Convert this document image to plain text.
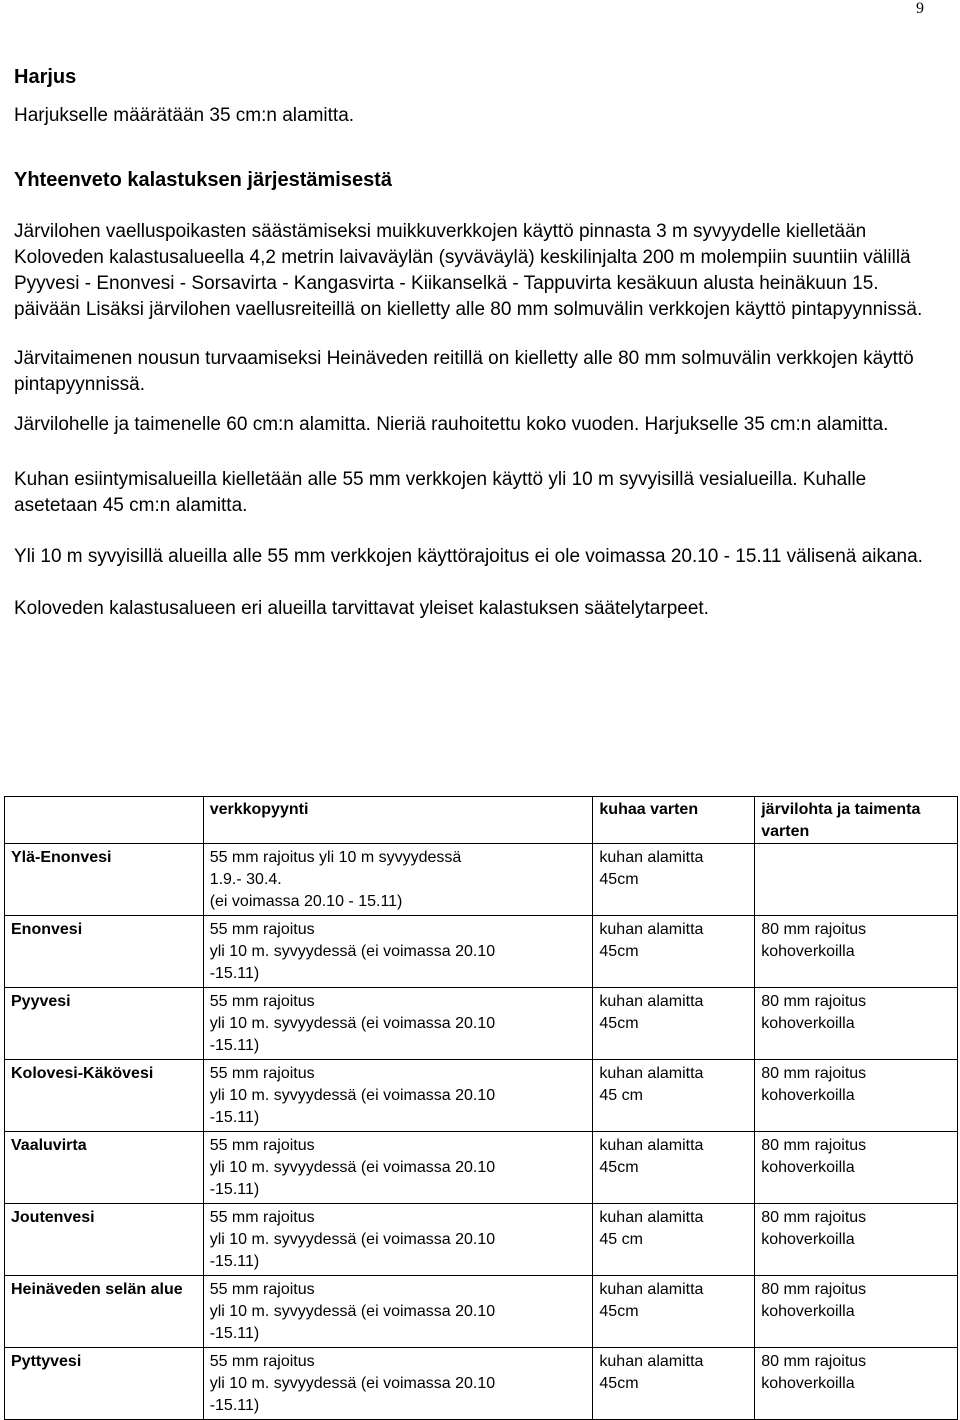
9
Harjus

Harjukselle määrätään 35 cm:n alamitta.

Yhteenveto kalastuksen järjestämisestä

Järvilohen vaelluspoikasten säästämiseksi muikkuverkkojen käyttö pinnasta 3 m syvyydelle kielletään Koloveden kalastusalueella 4,2 metrin laivaväylän (syväväylä) keskilinjalta 200 m molempiin suuntiin välillä Pyyvesi - Enonvesi - Sorsavirta - Kangasvirta - Kiikanselkä - Tappuvirta kesäkuun alusta heinäkuun 15. päivään Lisäksi järvilohen vaellusreiteillä on kielletty alle 80 mm solmuvälin verkkojen käyttö pintapyynnissä.

Järvitaimenen nousun turvaamiseksi Heinäveden reitillä on kielletty alle 80 mm solmuvälin verkkojen käyttö pintapyynnissä.

Järvilohelle ja taimenelle 60 cm:n alamitta. Nieriä rauhoitettu koko vuoden. Harjukselle 35 cm:n alamitta.

Kuhan esiintymisalueilla kielletään alle 55 mm verkkojen käyttö yli 10 m syvyisillä vesialueilla. Kuhalle asetetaan 45 cm:n alamitta.

Yli 10 m syvyisillä alueilla alle 55 mm verkkojen käyttörajoitus ei ole voimassa 20.10 - 15.11 välisenä aikana.

Koloveden kalastusalueen eri alueilla tarvittavat yleiset kalastuksen säätelytarpeet.

	verkkopyynti	kuhaa varten	järvilohta ja taimenta varten
Ylä-Enonvesi	55 mm rajoitus yli 10 m syvyydessä
1.9.- 30.4.
(ei voimassa 20.10 - 15.11)	kuhan alamitta
45cm	

Enonvesi	55 mm rajoitus
yli 10 m. syvyydessä (ei voimassa 20.10
-15.11)	kuhan alamitta
45cm	80 mm rajoitus
kohoverkoilla

Pyyvesi	55 mm rajoitus
yli 10 m. syvyydessä (ei voimassa 20.10
-15.11)	kuhan alamitta
45cm	80 mm rajoitus
kohoverkoilla

Kolovesi-Käkövesi	55 mm rajoitus
yli 10 m. syvyydessä (ei voimassa 20.10
-15.11)	kuhan alamitta
45 cm	80 mm rajoitus
kohoverkoilla

Vaaluvirta	55 mm rajoitus
yli 10 m. syvyydessä (ei voimassa 20.10
-15.11)	kuhan alamitta
45cm	80 mm rajoitus
kohoverkoilla

Joutenvesi	55 mm rajoitus
yli 10 m. syvyydessä (ei voimassa 20.10
-15.11)	kuhan alamitta
45 cm	80 mm rajoitus
kohoverkoilla

Heinäveden selän alue	55 mm rajoitus
yli 10 m. syvyydessä (ei voimassa 20.10
-15.11)	kuhan alamitta
45cm	80 mm rajoitus
kohoverkoilla

Pyttyvesi	55 mm rajoitus
yli 10 m. syvyydessä (ei voimassa 20.10
-15.11)	kuhan alamitta
45cm	80 mm rajoitus
kohoverkoilla
